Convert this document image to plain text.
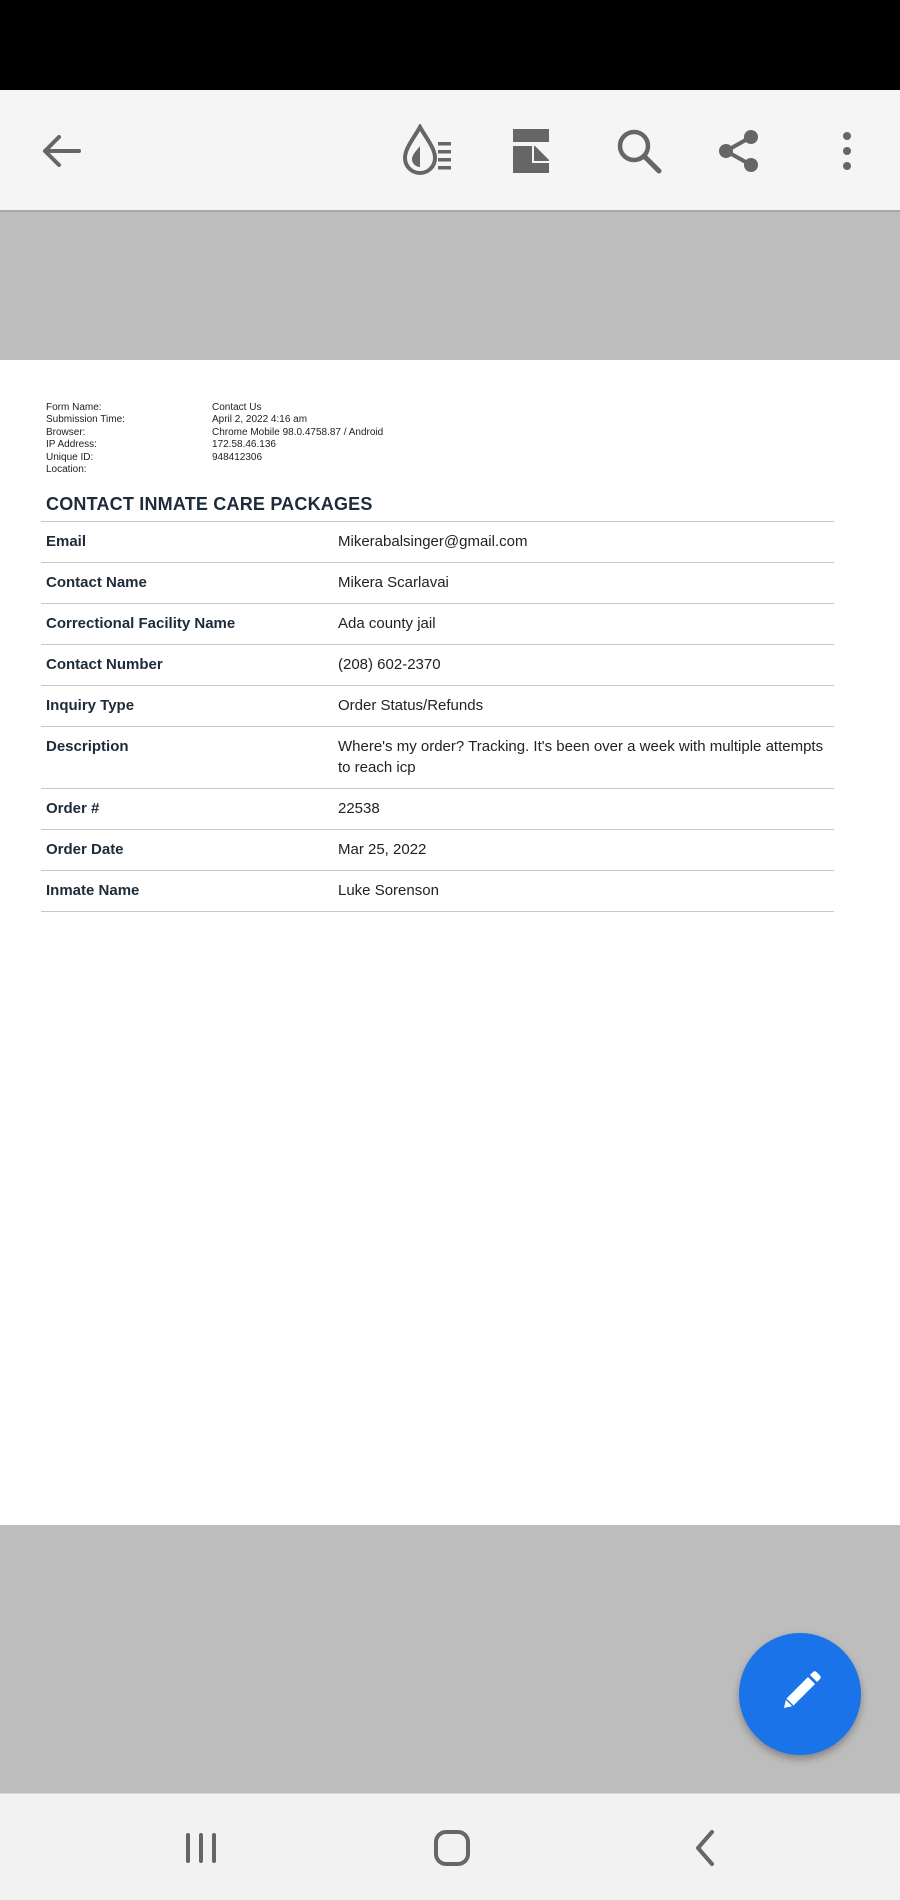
Form Name:	Contact Us
Submission Time:	April 2, 2022 4:16 am
Browser:	Chrome Mobile 98.0.4758.87 / Android
IP Address:	172.58.46.136
Unique ID:	948412306
Location:
CONTACT INMATE CARE PACKAGES
Email	Mikerabalsinger@gmail.com
Contact Name	Mikera Scarlavai
Correctional Facility Name	Ada county jail
Contact Number	(208) 602-2370
Inquiry Type	Order Status/Refunds
Description	Where's my order? Tracking. It's been over a week with multiple attempts to reach icp
Order #	22538
Order Date	Mar 25, 2022
Inmate Name	Luke Sorenson
